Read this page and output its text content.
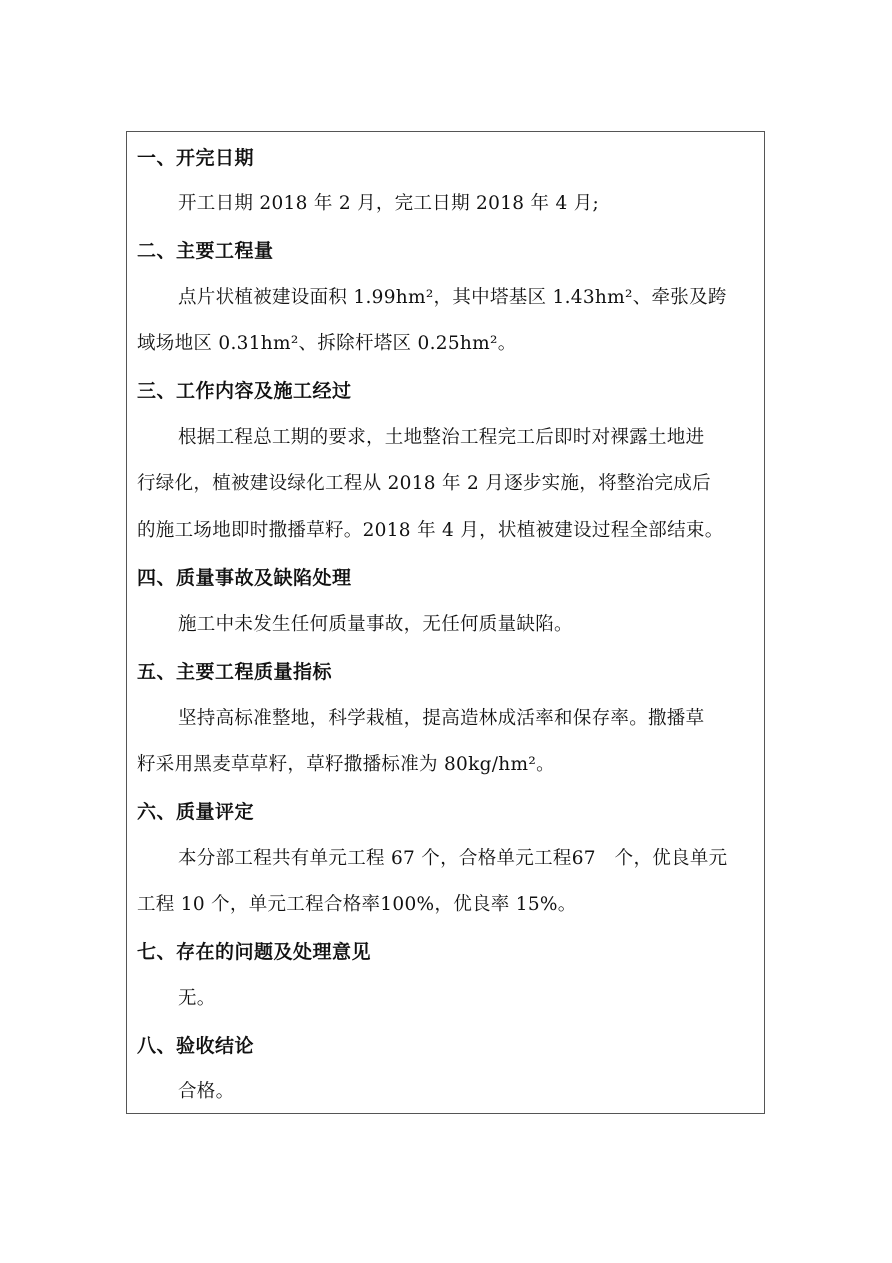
一、开完日期
开工日期 2018 年 2 月，完工日期 2018 年 4 月;
二、主要工程量
点片状植被建设面积 1.99hm²，其中塔基区 1.43hm²、牵张及跨
域场地区 0.31hm²、拆除杆塔区 0.25hm²。
三、工作内容及施工经过
根据工程总工期的要求，土地整治工程完工后即时对裸露土地进
行绿化，植被建设绿化工程从 2018 年 2 月逐步实施，将整治完成后
的施工场地即时撒播草籽。2018 年 4 月，状植被建设过程全部结束。
四、质量事故及缺陷处理
施工中未发生任何质量事故，无任何质量缺陷。
五、主要工程质量指标
坚持高标准整地，科学栽植，提高造林成活率和保存率。撒播草
籽采用黑麦草草籽，草籽撒播标准为 80kg/hm²。
六、质量评定
本分部工程共有单元工程 67 个，合格单元工程67　个，优良单元
工程 10 个，单元工程合格率100%，优良率 15%。
七、存在的问题及处理意见
无。
八、验收结论
合格。
